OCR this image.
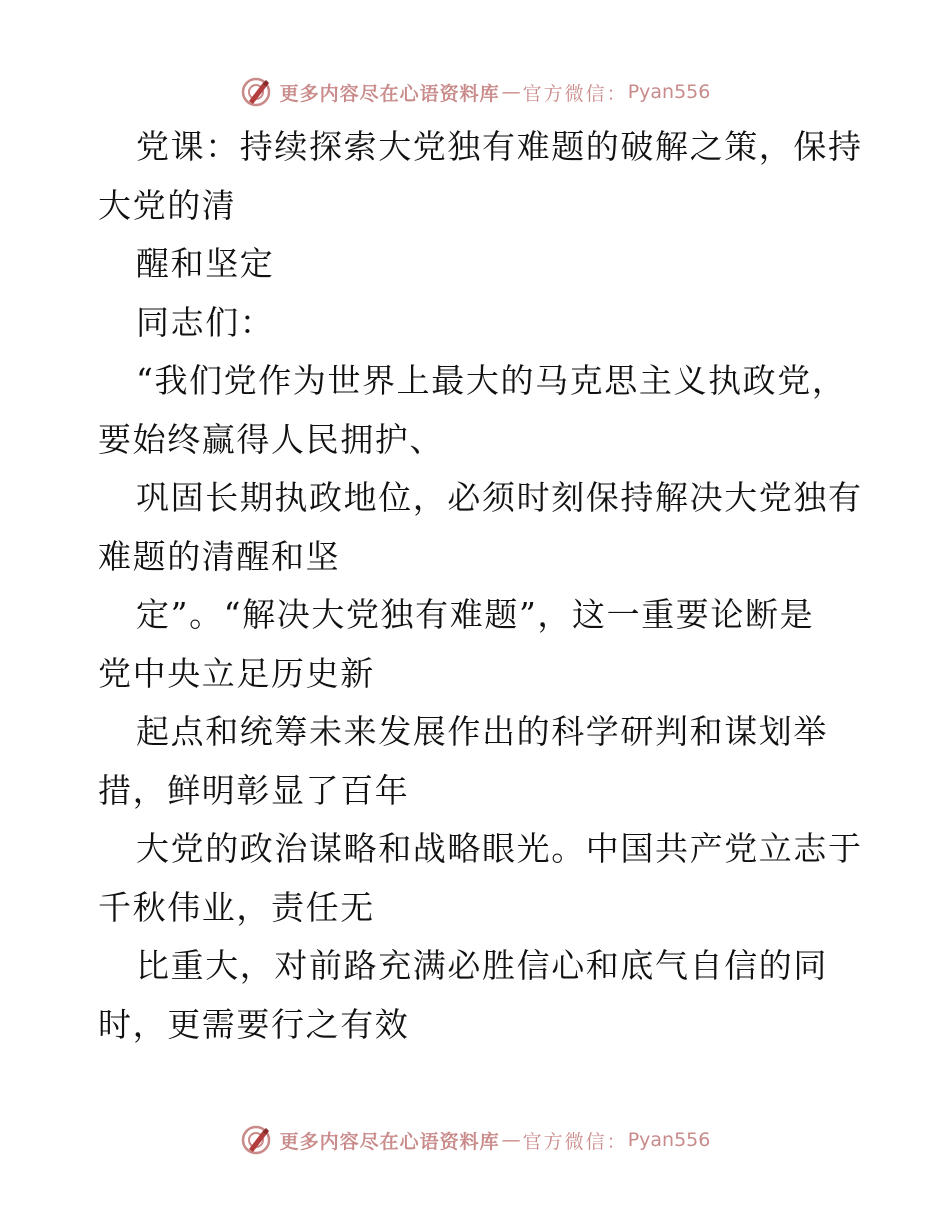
更多内容尽在心语资料库 — 官方微信： Pyan556
党课：持续探索大党独有难题的破解之策，保持
大党的清
醒和坚定
同志们：
“我们党作为世界上最大的马克思主义执政党，
要始终赢得人民拥护、
巩固长期执政地位，必须时刻保持解决大党独有
难题的清醒和坚
定”。“解决大党独有难题”，这一重要论断是
党中央立足历史新
起点和统筹未来发展作出的科学研判和谋划举
措，鲜明彰显了百年
大党的政治谋略和战略眼光。中国共产党立志于
千秋伟业，责任无
比重大，对前路充满必胜信心和底气自信的同
时，更需要行之有效
更多内容尽在心语资料库 — 官方微信： Pyan556
